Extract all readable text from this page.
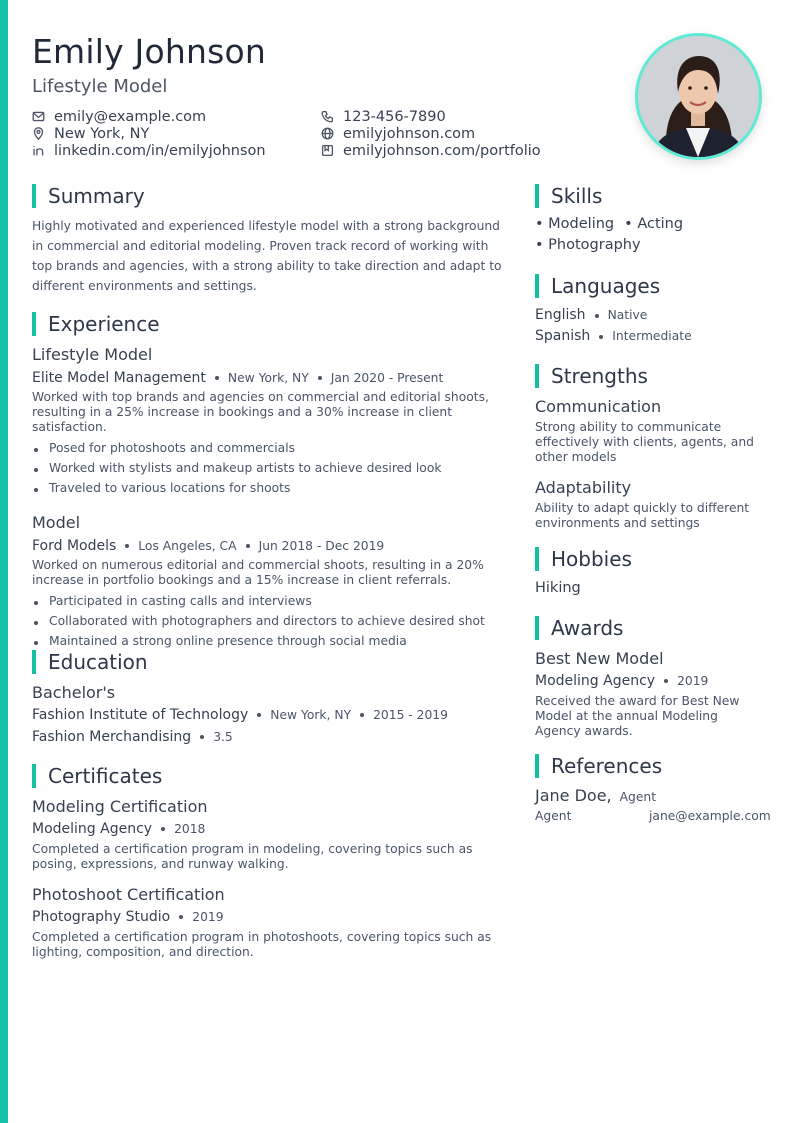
Emily Johnson
Lifestyle Model
emily@example.com	123-456-7890
New York, NY	emilyjohnson.com
linkedin.com/in/emilyjohnson	emilyjohnson.com/portfolio
Summary
Highly motivated and experienced lifestyle model with a strong background in commercial and editorial modeling. Proven track record of working with top brands and agencies, with a strong ability to take direction and adapt to different environments and settings.
Experience
Lifestyle Model
Elite Model Management New York, NY Jan 2020 - Present
Worked with top brands and agencies on commercial and editorial shoots, resulting in a 25% increase in bookings and a 30% increase in client satisfaction.
Posed for photoshoots and commercials
Worked with stylists and makeup artists to achieve desired look
Traveled to various locations for shoots
Model
Ford Models Los Angeles, CA Jun 2018 - Dec 2019
Worked on numerous editorial and commercial shoots, resulting in a 20% increase in portfolio bookings and a 15% increase in client referrals.
Participated in casting calls and interviews
Collaborated with photographers and directors to achieve desired shot
Maintained a strong online presence through social media
Education
Bachelor's
Fashion Institute of Technology New York, NY 2015 - 2019
Fashion Merchandising 3.5
Certificates
Modeling Certification
Modeling Agency 2018
Completed a certification program in modeling, covering topics such as posing, expressions, and runway walking.
Photoshoot Certification
Photography Studio 2019
Completed a certification program in photoshoots, covering topics such as lighting, composition, and direction.
Skills
• Modeling • Acting
• Photography
Languages
English Native
Spanish Intermediate
Strengths
Communication
Strong ability to communicate effectively with clients, agents, and other models
Adaptability
Ability to adapt quickly to different environments and settings
Hobbies
Hiking
Awards
Best New Model
Modeling Agency 2019
Received the award for Best New Model at the annual Modeling Agency awards.
References
Jane Doe, Agent
Agent	jane@example.com
